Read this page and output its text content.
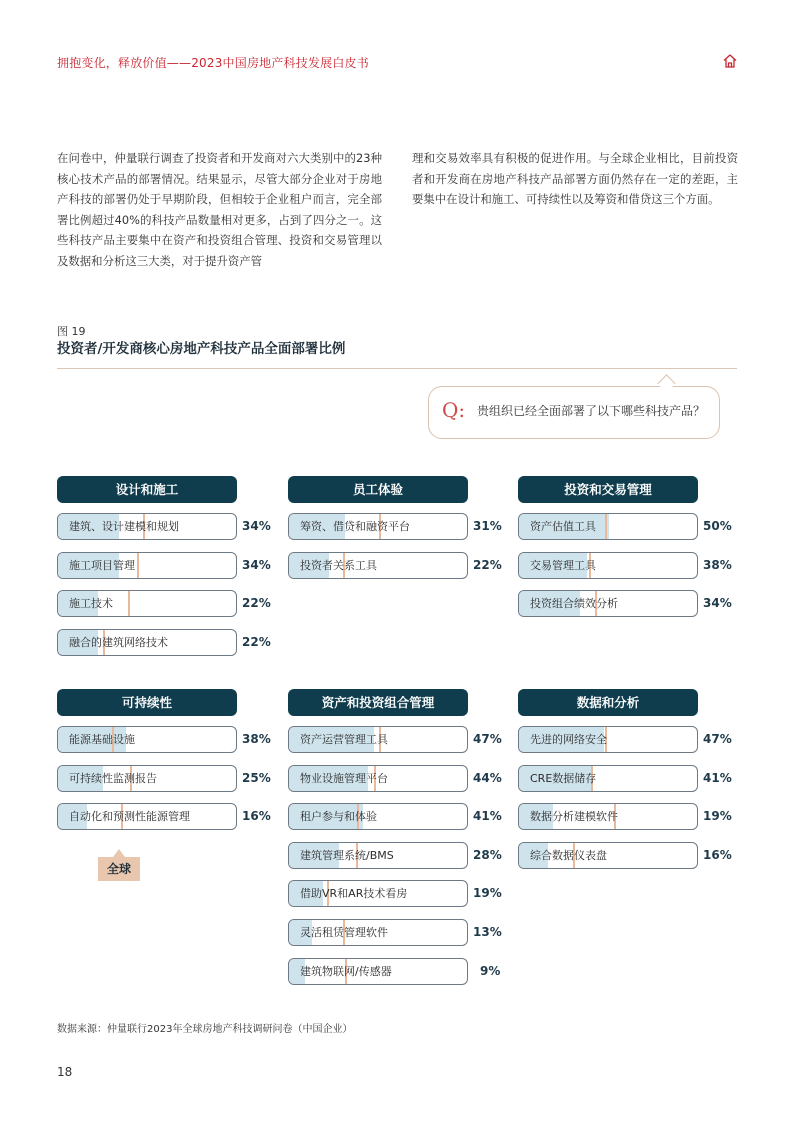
拥抱变化，释放价值——2023中国房地产科技发展白皮书
在问卷中，仲量联行调查了投资者和开发商对六大类别中的23种核心技术产品的部署情况。结果显示，尽管大部分企业对于房地产科技的部署仍处于早期阶段，但相较于企业租户而言，完全部署比例超过40%的科技产品数量相对更多，占到了四分之一。这些科技产品主要集中在资产和投资组合管理、投资和交易管理以及数据和分析这三大类，对于提升资产管
理和交易效率具有积极的促进作用。与全球企业相比，目前投资者和开发商在房地产科技产品部署方面仍然存在一定的差距，主要集中在设计和施工、可持续性以及筹资和借贷这三个方面。
图 19
投资者/开发商核心房地产科技产品全面部署比例
Q: 贵组织已经全面部署了以下哪些科技产品？
设计和施工
建筑、设计建模和规划	34%
施工项目管理	34%
施工技术	22%
融合的建筑网络技术	22%
员工体验
筹资、借贷和融资平台	31%
投资者关系工具	22%
投资和交易管理
资产估值工具	50%
交易管理工具	38%
投资组合绩效分析	34%
可持续性
能源基础设施	38%
可持续性监测报告	25%
自动化和预测性能源管理	16%
资产和投资组合管理
资产运营管理工具	47%
物业设施管理平台	44%
租户参与和体验	41%
建筑管理系统/BMS	28%
借助VR和AR技术看房	19%
灵活租赁管理软件	13%
建筑物联网/传感器	9%
数据和分析
先进的网络安全	47%
CRE数据储存	41%
数据分析建模软件	19%
综合数据仪表盘	16%
全球
数据来源：仲量联行2023年全球房地产科技调研问卷（中国企业）
18
